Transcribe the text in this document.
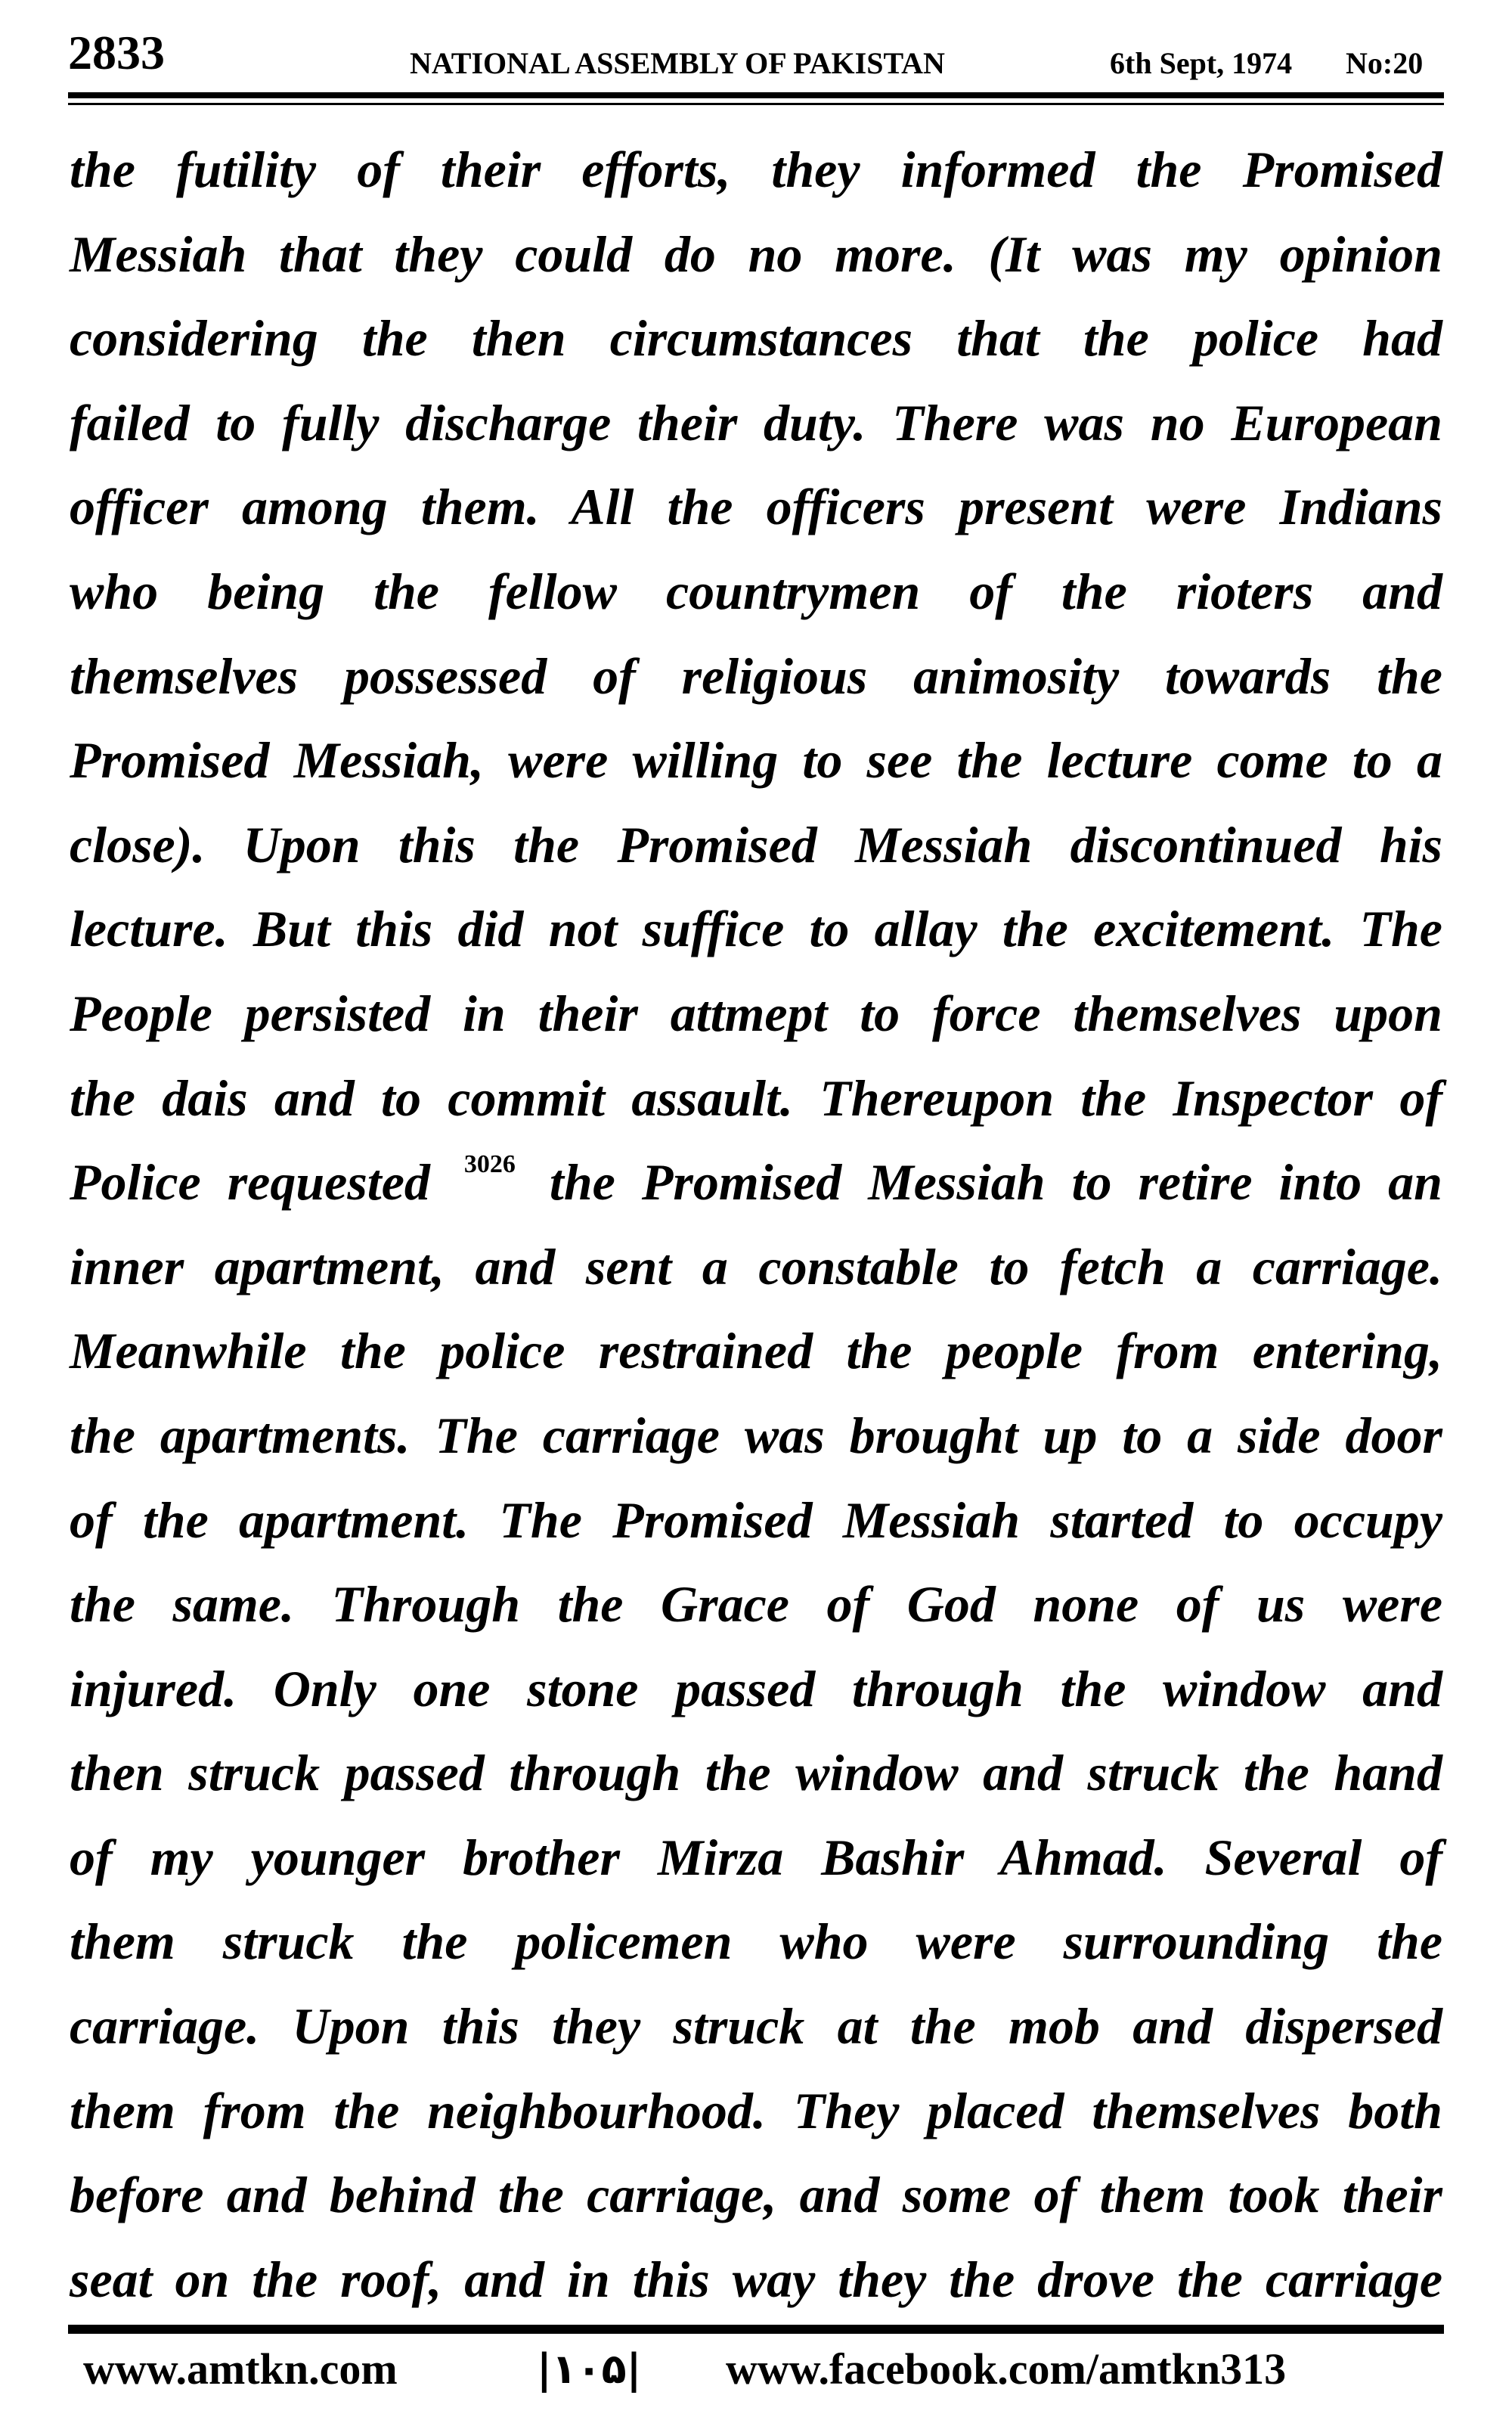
2833	NATIONAL ASSEMBLY OF PAKISTAN	6th Sept, 1974 No:20
the futility of their efforts, they informed the Promised
Messiah that they could do no more. (It was my opinion
considering the then circumstances that the police had
failed to fully discharge their duty. There was no European
officer among them. All the officers present were Indians
who being the fellow countrymen of the rioters and
themselves possessed of religious animosity towards the
Promised Messiah, were willing to see the lecture come to a
close). Upon this the Promised Messiah discontinued his
lecture. But this did not suffice to allay the excitement. The
People persisted in their attmept to force themselves upon
the dais and to commit assault. Thereupon the Inspector of
Police requested $^{3026}$ the Promised Messiah to retire into an
inner apartment, and sent a constable to fetch a carriage.
Meanwhile the police restrained the people from entering,
the apartments. The carriage was brought up to a side door
of the apartment. The Promised Messiah started to occupy
the same. Through the Grace of God none of us were
injured. Only one stone passed through the window and
then struck passed through the window and struck the hand
of my younger brother Mirza Bashir Ahmad. Several of
them struck the policemen who were surrounding the
carriage. Upon this they struck at the mob and dispersed
them from the neighbourhood. They placed themselves both
before and behind the carriage, and some of them took their
seat on the roof, and in this way they the drove the carriage
www.amtkn.com	|۱۰۵| www.facebook.com/amtkn313
